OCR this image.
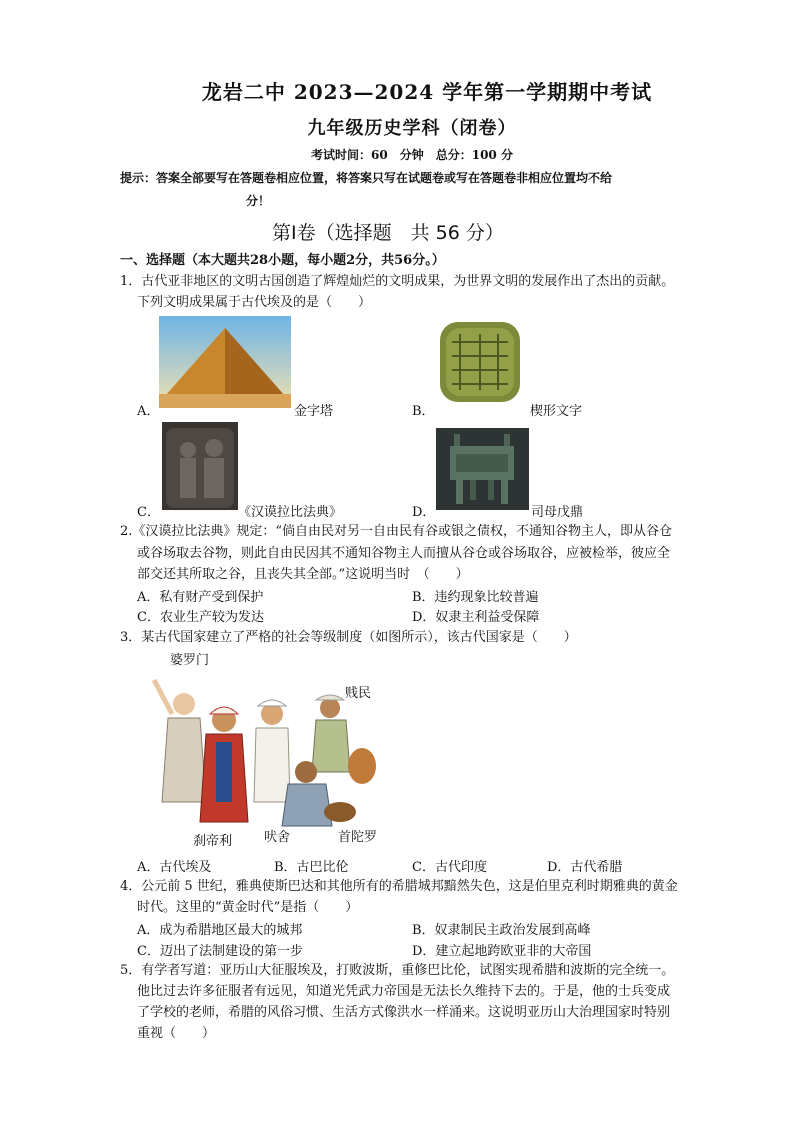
龙岩二中 2023—2024 学年第一学期期中考试
九年级历史学科（闭卷）
考试时间：60　分钟　总分：100 分
提示：答案全部要写在答题卷相应位置，将答案只写在试题卷或写在答题卷非相应位置均不给
分！
第Ⅰ卷（选择题　共 56 分）
一、选择题（本大题共28小题，每小题2分，共56分。）
1．古代亚非地区的文明古国创造了辉煌灿烂的文明成果，为世界文明的发展作出了杰出的贡献。
下列文明成果属于古代埃及的是（　　）
A．	金字塔	B．	楔形文字
C．	《汉谟拉比法典》	D．	司母戊鼎
2.《汉谟拉比法典》规定：“倘自由民对另一自由民有谷或银之债权，不通知谷物主人，即从谷仓
或谷场取去谷物，则此自由民因其不通知谷物主人而擅从谷仓或谷场取谷，应被检举，彼应全
部交还其所取之谷，且丧失其全部。”这说明当时　（　　）
A．私有财产受到保护	B．违约现象比较普遍
C．农业生产较为发达	D．奴隶主利益受保障
3．某古代国家建立了严格的社会等级制度（如图所示），该古代国家是（　　）
婆罗门
贱民
刹帝利 吠舍	首陀罗
A．古代埃及	B．古巴比伦	C．古代印度	D．古代希腊
4．公元前 5 世纪，雅典使斯巴达和其他所有的希腊城邦黯然失色，这是伯里克利时期雅典的黄金
时代。这里的“黄金时代”是指（　　）
A．成为希腊地区最大的城邦	B．奴隶制民主政治发展到高峰
C．迈出了法制建设的第一步	D．建立起地跨欧亚非的大帝国
5．有学者写道：亚历山大征服埃及，打败波斯，重修巴比伦，试图实现希腊和波斯的完全统一。
他比过去许多征服者有远见，知道光凭武力帝国是无法长久维持下去的。于是，他的士兵变成
了学校的老师，希腊的风俗习惯、生活方式像洪水一样涌来。这说明亚历山大治理国家时特别
重视（　　）
